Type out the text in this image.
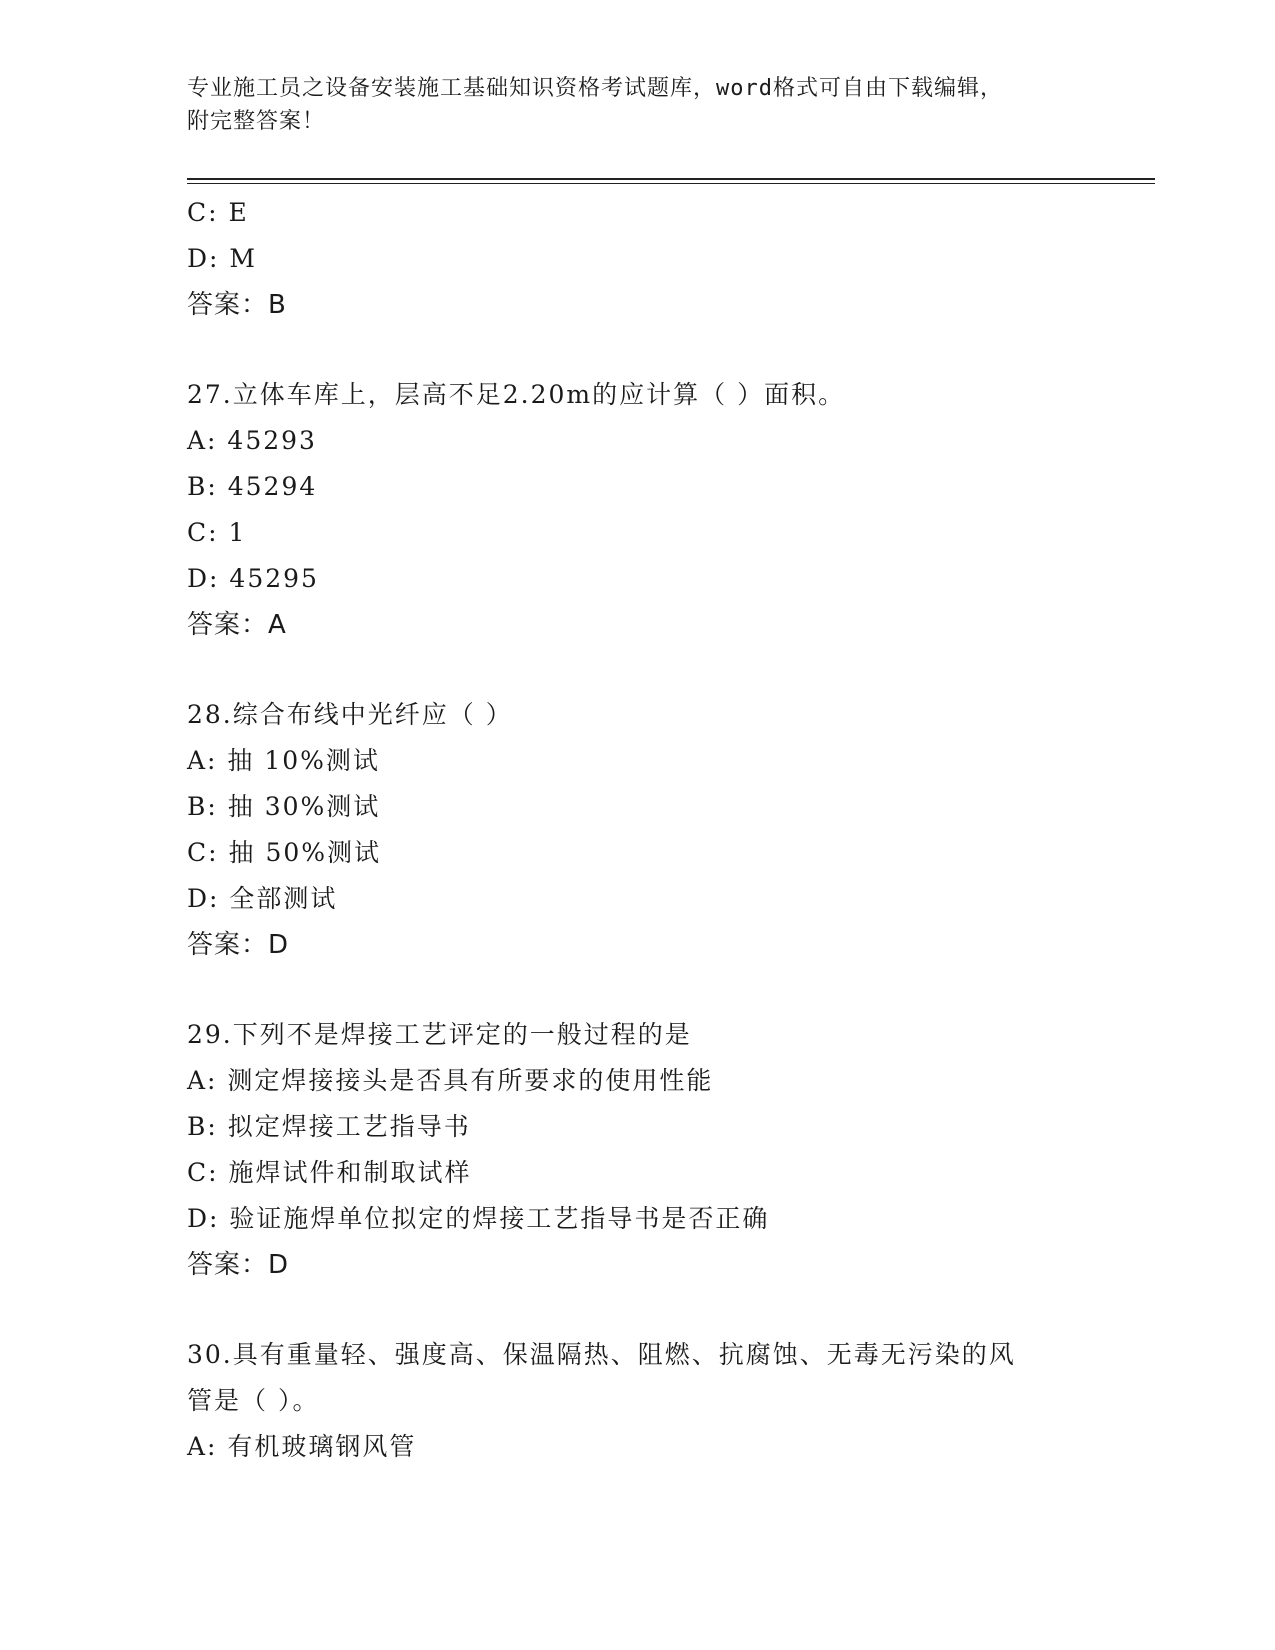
专业施工员之设备安装施工基础知识资格考试题库，word格式可自由下载编辑，
附完整答案！
C: E
D: M
答案：B
27.立体车库上，层高不足2.20m的应计算（ ）面积。
A: 45293
B: 45294
C: 1
D: 45295
答案：A
28.综合布线中光纤应（ ）
A: 抽 10%测试
B: 抽 30%测试
C: 抽 50%测试
D: 全部测试
答案：D
29.下列不是焊接工艺评定的一般过程的是
A: 测定焊接接头是否具有所要求的使用性能
B: 拟定焊接工艺指导书
C: 施焊试件和制取试样
D: 验证施焊单位拟定的焊接工艺指导书是否正确
答案：D
30.具有重量轻、强度高、保温隔热、阻燃、抗腐蚀、无毒无污染的风
管是（ ）。
A: 有机玻璃钢风管
